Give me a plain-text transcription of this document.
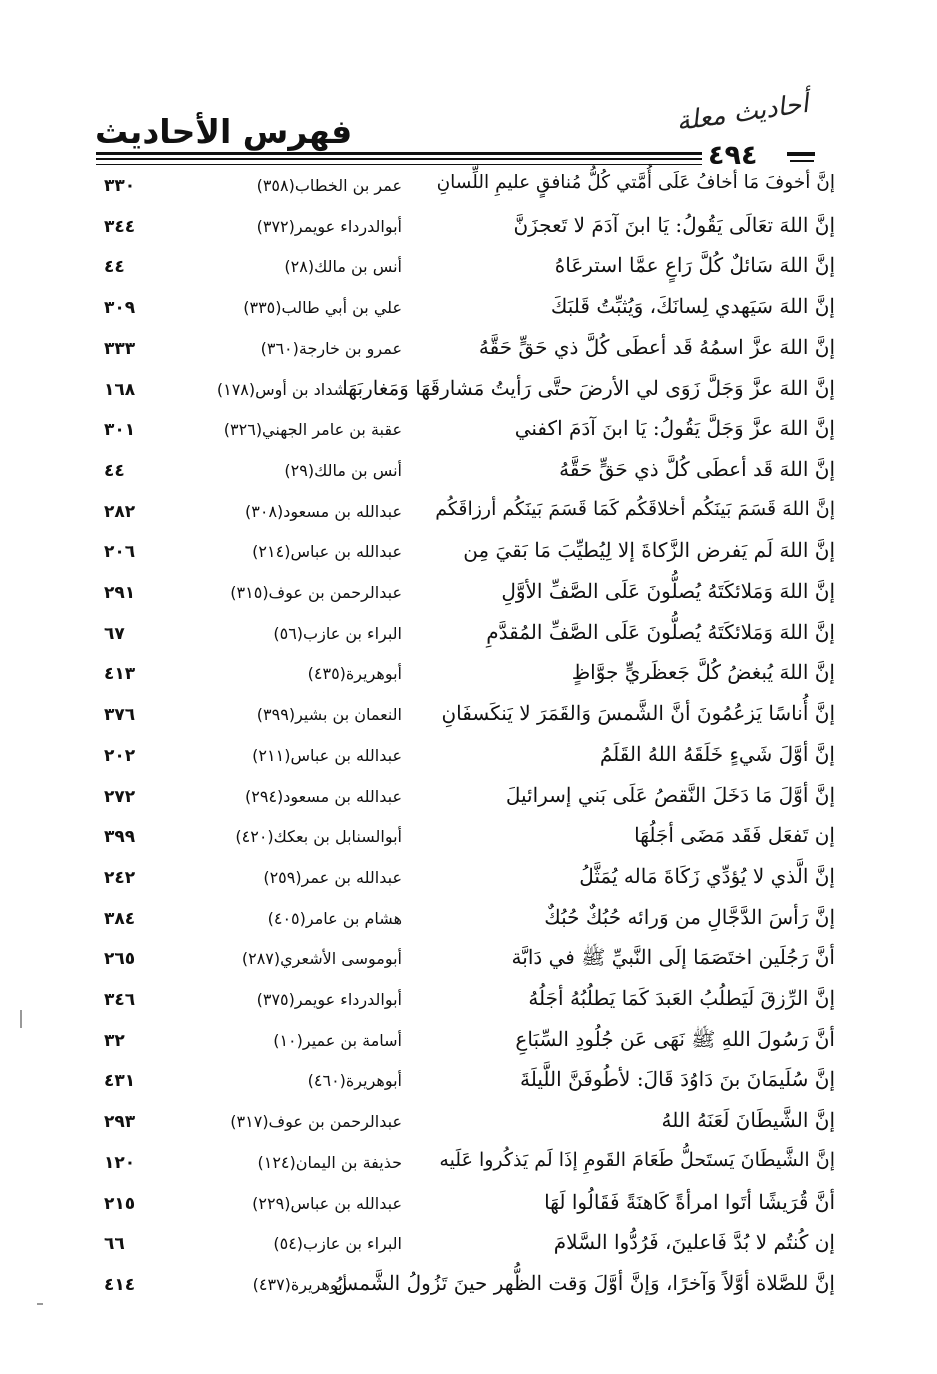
أحاديث معلة
فهرس الأحاديث
٤٩٤
إنَّ أخوفَ مَا أخافُ عَلَى أُمَّتي كُلُّ مُنافقٍ عليمِ اللِّسانِ
عمر بن الخطاب(٣٥٨)
٣٣٠
إنَّ اللهَ تعَالَى يَقُولُ: يَا ابنَ آدَمَ لا تَعجزَنَّ
أبوالدرداء عويمر(٣٧٢)
٣٤٤
إنَّ اللهَ سَائلٌ كُلَّ رَاعٍ عمَّا استرعَاهُ
أنس بن مالك(٢٨)
٤٤
إنَّ اللهَ سَيَهدي لِسانَكَ، وَيُثبِّتُ قَلبَكَ
علي بن أبي طالب(٣٣٥)
٣٠٩
إنَّ اللهَ عزَّ اسمُهُ قَد أعطَى كُلَّ ذي حَقٍّ حَقَّهُ
عمرو بن خارجة(٣٦٠)
٣٣٣
إنَّ اللهَ عزَّ وَجَلَّ زَوَى لي الأرضَ حتَّى رَأيتُ مَشارقَهَا وَمَغاربَهَا
شداد بن أوس(١٧٨)
١٦٨
إنَّ اللهَ عزَّ وَجَلَّ يَقُولُ: يَا ابنَ آدَمَ اكفني
عقبة بن عامر الجهني(٣٢٦)
٣٠١
إنَّ اللهَ قَد أعطَى كُلَّ ذي حَقٍّ حَقَّهُ
أنس بن مالك(٢٩)
٤٤
إنَّ اللهَ قَسَمَ بَينَكُم أخلاقَكُم كَمَا قَسَمَ بَينَكُم أرزاقَكُم
عبدالله بن مسعود(٣٠٨)
٢٨٢
إنَّ اللهَ لَم يَفرض الزَّكاةَ إلا لِيُطيِّبَ مَا بَقيَ مِن
عبدالله بن عباس(٢١٤)
٢٠٦
إنَّ اللهَ وَمَلائكَتَهُ يُصلُّونَ عَلَى الصَّفِّ الأوَّلِ
عبدالرحمن بن عوف(٣١٥)
٢٩١
إنَّ اللهَ وَمَلائكَتَهُ يُصلُّونَ عَلَى الصَّفِّ المُقدَّمِ
البراء بن عازب(٥٦)
٦٧
إنَّ اللهَ يُبغضُ كُلَّ جَعظَريٍّ جوَّاظٍ
أبوهريرة(٤٣٥)
٤١٣
إنَّ أُناسًا يَزعُمُونَ أنَّ الشَّمسَ وَالقَمَرَ لا يَنكَسفَانِ
النعمان بن بشير(٣٩٩)
٣٧٦
إنَّ أوَّلَ شَيءٍ خَلَقَهُ اللهُ القَلَمُ
عبدالله بن عباس(٢١١)
٢٠٢
إنَّ أوَّلَ مَا دَخَلَ النَّقصُ عَلَى بَني إسرائيلَ
عبدالله بن مسعود(٢٩٤)
٢٧٢
إن تَفعَل فَقَد مَضَى أجَلُهَا
أبوالسنابل بن بعكك(٤٢٠)
٣٩٩
إنَّ الَّذي لا يُؤدِّي زَكَاةَ مَاله يُمَثَّلُ
عبدالله بن عمر(٢٥٩)
٢٤٢
إنَّ رَأسَ الدَّجَّالِ من وَرائه حُبُكٌ حُبُكٌ
هشام بن عامر(٤٠٥)
٣٨٤
أنَّ رَجُلَين اختَصَمَا إلَى النَّبيِّ ﷺ في دَابَّة
أبوموسى الأشعري(٢٨٧)
٢٦٥
إنَّ الرِّزقَ لَيَطلُبُ العَبدَ كَمَا يَطلُبُهُ أجَلُهُ
أبوالدرداء عويمر(٣٧٥)
٣٤٦
أنَّ رَسُولَ اللهِ ﷺ نَهَى عَن جُلُودِ السِّبَاعِ
أسامة بن عمير(١٠)
٣٢
إنَّ سُلَيمَانَ بنَ دَاوُدَ قَالَ: لأطُوفَنَّ اللَّيلَةَ
أبوهريرة(٤٦٠)
٤٣١
إنَّ الشَّيطَانَ لَعَنَهُ اللهُ
عبدالرحمن بن عوف(٣١٧)
٢٩٣
إنَّ الشَّيطَانَ يَستَحلُّ طَعَامَ القَومِ إذَا لَم يَذكُروا عَلَيه
حذيفة بن اليمان(١٢٤)
١٢٠
أنَّ قُرَيشًا أتَوا امرأةً كَاهنَةً فَقَالُوا لَهَا
عبدالله بن عباس(٢٢٩)
٢١٥
إن كُنتُم لا بُدَّ فَاعلينَ، فَرُدُّوا السَّلامَ
البراء بن عازب(٥٤)
٦٦
إنَّ للصَّلاة أوَّلاً وَآخرًا، وَإنَّ أوَّلَ وَقت الظُّهر حينَ تَزُولُ الشَّمسُ
أبوهريرة(٤٣٧)
٤١٤
